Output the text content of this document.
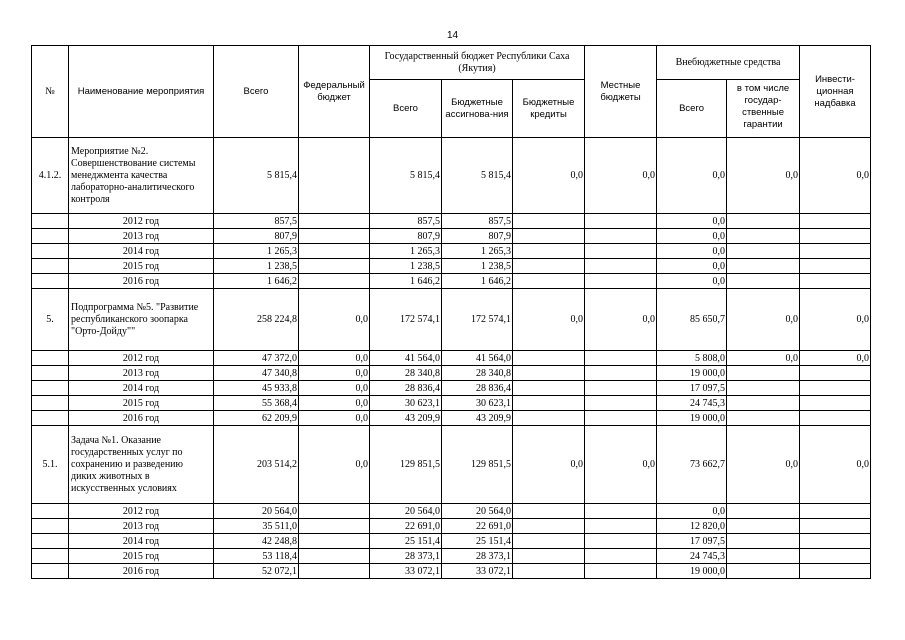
14
№	Наименование мероприятия	Всего	Федеральный бюджет	Государственный бюджет Республики Саха (Якутия)			Местные бюджеты	Внебюджетные средства		Инвести-ционная надбавка
				Всего	Бюджетные ассигнова-ния	Бюджетные кредиты		Всего	в том числе государ-ственные гарантии	
4.1.2.	Мероприятие №2. Совершенствование системы менеджмента качества лабораторно-аналитического контроля	5 815,4		5 815,4	5 815,4	0,0	0,0	0,0	0,0	0,0
	2012 год	857,5		857,5	857,5			0,0		
	2013 год	807,9		807,9	807,9			0,0		
	2014 год	1 265,3		1 265,3	1 265,3			0,0		
	2015 год	1 238,5		1 238,5	1 238,5			0,0		
	2016 год	1 646,2		1 646,2	1 646,2			0,0		
5.	Подпрограмма №5. "Развитие республиканского зоопарка "Орто-Дойду""	258 224,8	0,0	172 574,1	172 574,1	0,0	0,0	85 650,7	0,0	0,0
	2012 год	47 372,0	0,0	41 564,0	41 564,0			5 808,0	0,0	0,0
	2013 год	47 340,8	0,0	28 340,8	28 340,8			19 000,0		
	2014 год	45 933,8	0,0	28 836,4	28 836,4			17 097,5		
	2015 год	55 368,4	0,0	30 623,1	30 623,1			24 745,3		
	2016 год	62 209,9	0,0	43 209,9	43 209,9			19 000,0		
5.1.	Задача №1. Оказание государственных услуг по сохранению и разведению диких животных в искусственных условиях	203 514,2	0,0	129 851,5	129 851,5	0,0	0,0	73 662,7	0,0	0,0
	2012 год	20 564,0		20 564,0	20 564,0			0,0		
	2013 год	35 511,0		22 691,0	22 691,0			12 820,0		
	2014 год	42 248,8		25 151,4	25 151,4			17 097,5		
	2015 год	53 118,4		28 373,1	28 373,1			24 745,3		
	2016 год	52 072,1		33 072,1	33 072,1			19 000,0		
